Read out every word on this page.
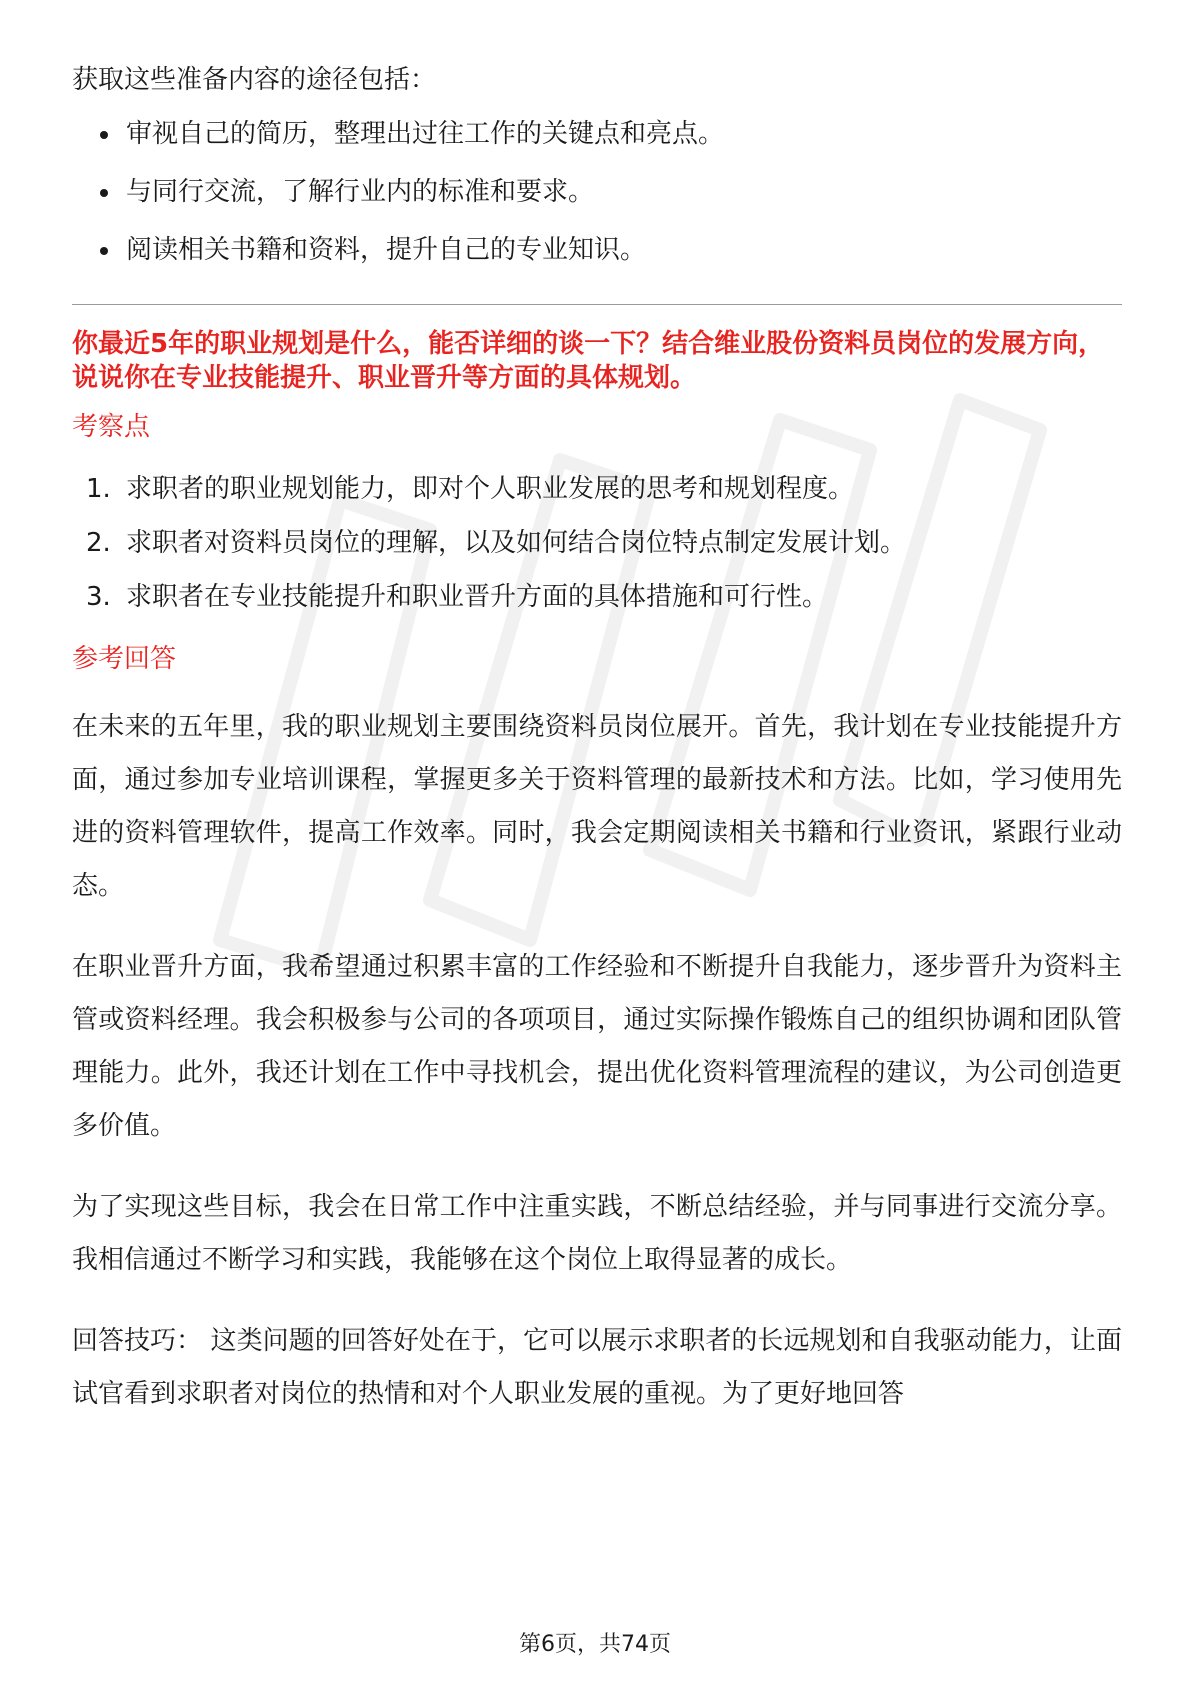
获取这些准备内容的途径包括：

审视自己的简历，整理出过往工作的关键点和亮点。
与同行交流，了解行业内的标准和要求。
阅读相关书籍和资料，提升自己的专业知识。

你最近5年的职业规划是什么，能否详细的谈一下？结合维业股份资料员岗位的发展方向，说说你在专业技能提升、职业晋升等方面的具体规划。

考察点

1. 求职者的职业规划能力，即对个人职业发展的思考和规划程度。
2. 求职者对资料员岗位的理解，以及如何结合岗位特点制定发展计划。
3. 求职者在专业技能提升和职业晋升方面的具体措施和可行性。

参考回答

在未来的五年里，我的职业规划主要围绕资料员岗位展开。首先，我计划在专业技能提升方面，通过参加专业培训课程，掌握更多关于资料管理的最新技术和方法。比如，学习使用先进的资料管理软件，提高工作效率。同时，我会定期阅读相关书籍和行业资讯，紧跟行业动态。

在职业晋升方面，我希望通过积累丰富的工作经验和不断提升自我能力，逐步晋升为资料主管或资料经理。我会积极参与公司的各项项目，通过实际操作锻炼自己的组织协调和团队管理能力。此外，我还计划在工作中寻找机会，提出优化资料管理流程的建议，为公司创造更多价值。

为了实现这些目标，我会在日常工作中注重实践，不断总结经验，并与同事进行交流分享。我相信通过不断学习和实践，我能够在这个岗位上取得显著的成长。

回答技巧： 这类问题的回答好处在于，它可以展示求职者的长远规划和自我驱动能力，让面试官看到求职者对岗位的热情和对个人职业发展的重视。为了更好地回答

第6页，共74页
